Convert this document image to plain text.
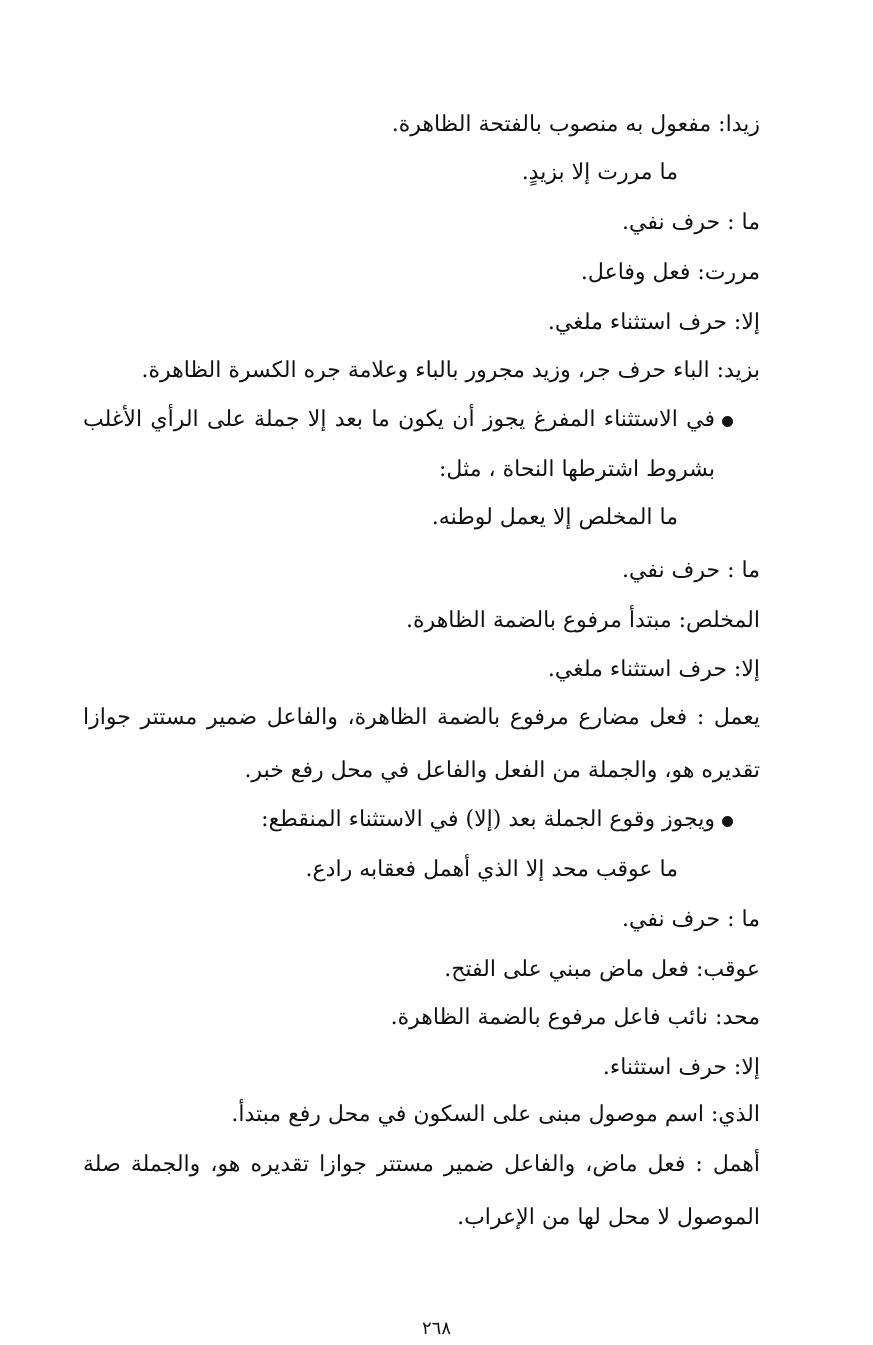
زيدا: مفعول به منصوب بالفتحة الظاهرة.
ما مررت إلا بزيدٍ.
ما : حرف نفي.
مررت: فعل وفاعل.
إلا: حرف استثناء ملغي.
بزيد: الباء حرف جر، وزيد مجرور بالباء وعلامة جره الكسرة الظاهرة.
في الاستثناء المفرغ يجوز أن يكون ما بعد إلا جملة على الرأي الأغلب
بشروط اشترطها النحاة ، مثل:
ما المخلص إلا يعمل لوطنه.
ما : حرف نفي.
المخلص: مبتدأ مرفوع بالضمة الظاهرة.
إلا: حرف استثناء ملغي.
يعمل : فعل مضارع مرفوع بالضمة الظاهرة، والفاعل ضمير مستتر جوازا
تقديره هو، والجملة من الفعل والفاعل في محل رفع خبر.
ويجوز وقوع الجملة بعد (إلا) في الاستثناء المنقطع:
ما عوقب محد إلا الذي أهمل فعقابه رادع.
ما : حرف نفي.
عوقب: فعل ماض مبني على الفتح.
محد: نائب فاعل مرفوع بالضمة الظاهرة.
إلا: حرف استثناء.
الذي: اسم موصول مبنى على السكون في محل رفع مبتدأ.
أهمل : فعل ماض، والفاعل ضمير مستتر جوازا تقديره هو، والجملة صلة
الموصول لا محل لها من الإعراب.
٢٦٨
